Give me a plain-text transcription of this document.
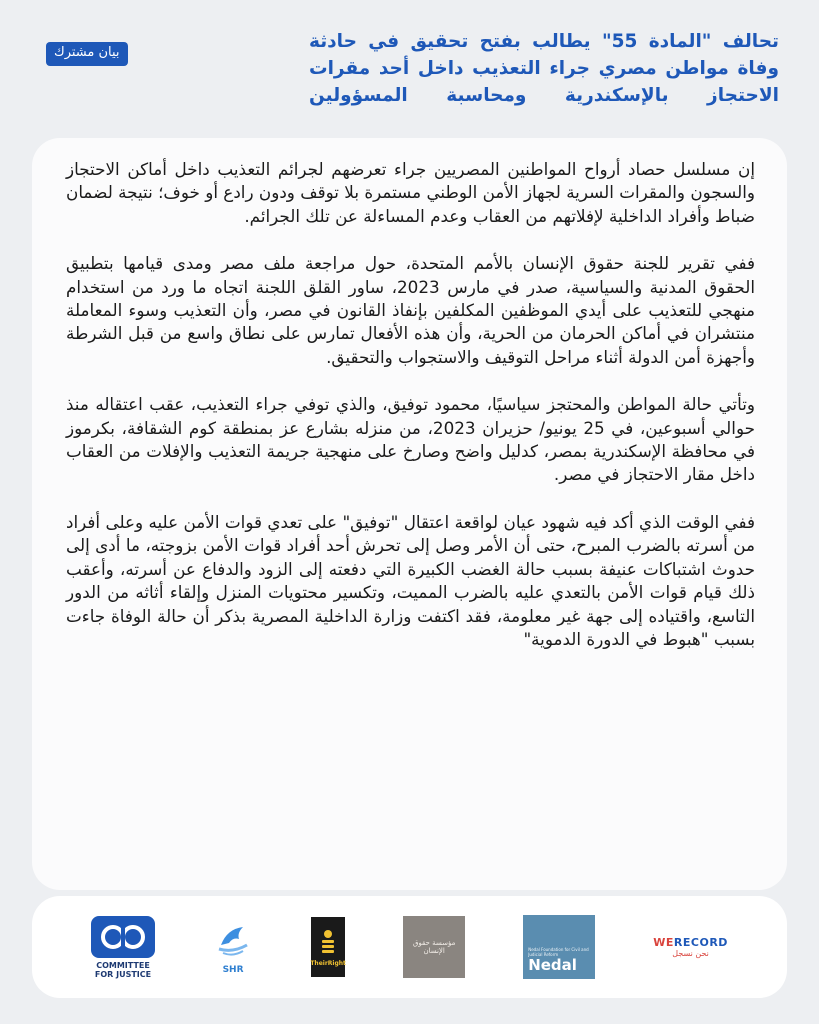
بيان مشترك
تحالف "المادة 55" يطالب بفتح تحقيق في حادثة
وفاة مواطن مصري جراء التعذيب داخل أحد مقرات
الاحتجاز بالإسكندرية ومحاسبة المسؤولين

إن مسلسل حصاد أرواح المواطنين المصريين جراء تعرضهم لجرائم التعذيب داخل أماكن الاحتجاز والسجون والمقرات السرية لجهاز الأمن الوطني مستمرة بلا توقف ودون رادع أو خوف؛ نتيجة لضمان ضباط وأفراد الداخلية لإفلاتهم من العقاب وعدم المساءلة عن تلك الجرائم.

ففي تقرير للجنة حقوق الإنسان بالأمم المتحدة، حول مراجعة ملف مصر ومدى قيامها بتطبيق الحقوق المدنية والسياسية، صدر في مارس 2023، ساور القلق اللجنة اتجاه ما ورد من استخدام منهجي للتعذيب على أيدي الموظفين المكلفين بإنفاذ القانون في مصر، وأن التعذيب وسوء المعاملة منتشران في أماكن الحرمان من الحرية، وأن هذه الأفعال تمارس على نطاق واسع من قبل الشرطة وأجهزة أمن الدولة أثناء مراحل التوقيف والاستجواب والتحقيق.

وتأتي حالة المواطن والمحتجز سياسيًا، محمود توفيق، والذي توفي جراء التعذيب، عقب اعتقاله منذ حوالي أسبوعين، في 25 يونيو/ حزيران 2023، من منزله بشارع عز بمنطقة كوم الشقافة، بكرموز في محافظة الإسكندرية بمصر، كدليل واضح وصارخ على منهجية جريمة التعذيب والإفلات من العقاب داخل مقار الاحتجاز في مصر.

ففي الوقت الذي أكد فيه شهود عيان لواقعة اعتقال "توفيق" على تعدي قوات الأمن عليه وعلى أفراد من أسرته بالضرب المبرح، حتى أن الأمر وصل إلى تحرش أحد أفراد قوات الأمن بزوجته، ما أدى إلى حدوث اشتباكات عنيفة بسبب حالة الغضب الكبيرة التي دفعته إلى الزود والدفاع عن أسرته، وأعقب ذلك قيام قوات الأمن بالتعدي عليه بالضرب المميت، وتكسير محتويات المنزل وإلقاء أثاثه من الدور التاسع، واقتياده إلى جهة غير معلومة، فقد اكتفت وزارة الداخلية المصرية بذكر أن حالة الوفاة جاءت بسبب "هبوط في الدورة الدموية"

COMMITTEE
FOR JUSTICE	SHR
TheirRight
مؤسسة حقوق الإنسان	Nedal Foundation for Civil and Judicial Reform
Nedal
WERECORD
نحن نسجل
